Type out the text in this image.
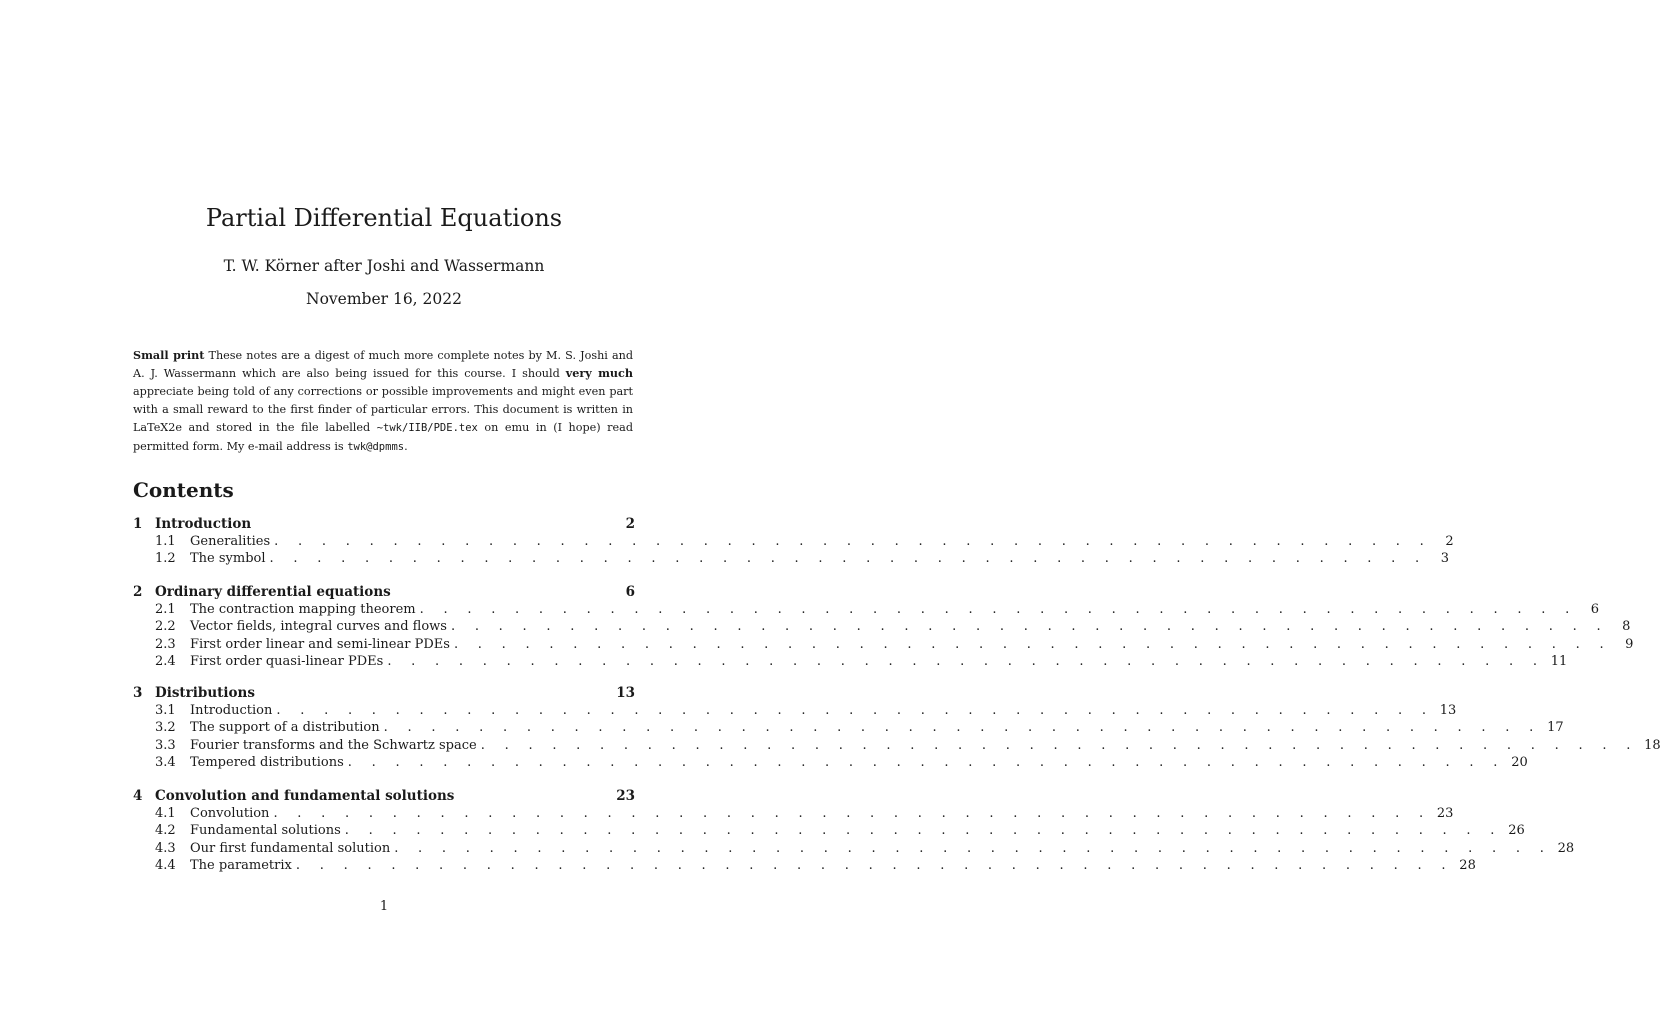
Partial Differential Equations
T. W. Körner after Joshi and Wassermann
November 16, 2022
Small print These notes are a digest of much more complete notes by M. S. Joshi and A. J. Wassermann which are also being issued for this course. I should very much appreciate being told of any corrections or possible improvements and might even part with a small reward to the first finder of particular errors. This document is written in LaTeX2e and stored in the file labelled ~twk/IIB/PDE.tex on emu in (I hope) read permitted form. My e-mail address is twk@dpmms.
Contents
1 Introduction	2
1.1	Generalities . . . . . . . . . . . . . . . . . . . . . . . . . . . . . . . . . . . . . . . . . . . . . . . . .	2
1.2	The symbol . . . . . . . . . . . . . . . . . . . . . . . . . . . . . . . . . . . . . . . . . . . . . . . . .	3
2 Ordinary differential equations	6
2.1	The contraction mapping theorem . . . . . . . . . . . . . . . . . . . . . . . . . . . . . . . . . . . . . . . . . . . . . . . . .	6
2.2	Vector fields, integral curves and flows . . . . . . . . . . . . . . . . . . . . . . . . . . . . . . . . . . . . . . . . . . . . . . . . .	8
2.3	First order linear and semi-linear PDEs . . . . . . . . . . . . . . . . . . . . . . . . . . . . . . . . . . . . . . . . . . . . . . . . .	9
2.4	First order quasi-linear PDEs . . . . . . . . . . . . . . . . . . . . . . . . . . . . . . . . . . . . . . . . . . . . . . . . . 11
3 Distributions	13
3.1	Introduction . . . . . . . . . . . . . . . . . . . . . . . . . . . . . . . . . . . . . . . . . . . . . . . . . 13
3.2	The support of a distribution . . . . . . . . . . . . . . . . . . . . . . . . . . . . . . . . . . . . . . . . . . . . . . . . . 17
3.3	Fourier transforms and the Schwartz space . . . . . . . . . . . . . . . . . . . . . . . . . . . . . . . . . . . . . . . . . . . . . . . . . 18
3.4	Tempered distributions . . . . . . . . . . . . . . . . . . . . . . . . . . . . . . . . . . . . . . . . . . . . . . . . . 20
4 Convolution and fundamental solutions	23
4.1	Convolution . . . . . . . . . . . . . . . . . . . . . . . . . . . . . . . . . . . . . . . . . . . . . . . . . 23
4.2	Fundamental solutions . . . . . . . . . . . . . . . . . . . . . . . . . . . . . . . . . . . . . . . . . . . . . . . . . 26
4.3	Our first fundamental solution . . . . . . . . . . . . . . . . . . . . . . . . . . . . . . . . . . . . . . . . . . . . . . . . . 28
4.4	The parametrix . . . . . . . . . . . . . . . . . . . . . . . . . . . . . . . . . . . . . . . . . . . . . . . . . 28
1
